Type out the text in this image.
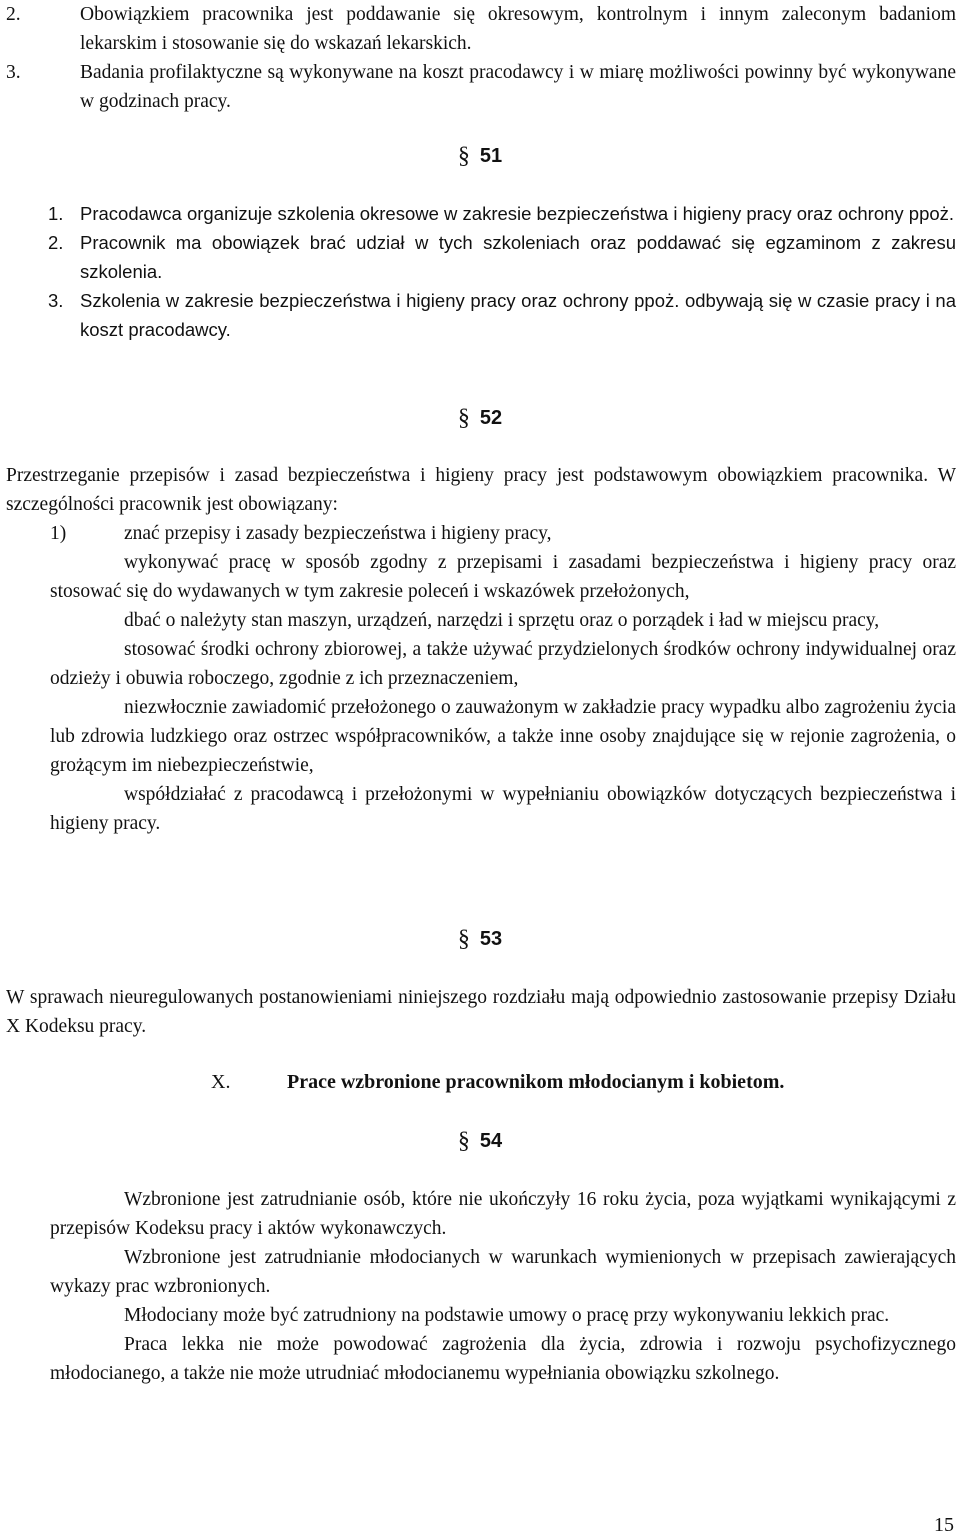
2.	Obowiązkiem pracownika jest poddawanie się okresowym, kontrolnym i innym zaleconym badaniom lekarskim i stosowanie się do wskazań lekarskich.
3.	Badania profilaktyczne są wykonywane na koszt pracodawcy i w miarę możliwości powinny być wykonywane w godzinach pracy.
§ 51
1. Pracodawca organizuje szkolenia okresowe w zakresie bezpieczeństwa i higieny pracy oraz ochrony ppoż.
2. Pracownik ma obowiązek brać udział w tych szkoleniach oraz poddawać się egzaminom z zakresu szkolenia.
3. Szkolenia w zakresie bezpieczeństwa i higieny pracy oraz ochrony ppoż. odbywają się w czasie pracy i na koszt pracodawcy.
§ 52
Przestrzeganie przepisów i zasad bezpieczeństwa i higieny pracy jest podstawowym obowiązkiem pracownika. W szczególności pracownik jest obowiązany:
1)	znać przepisy i zasady bezpieczeństwa i higieny pracy,
wykonywać pracę w sposób zgodny z przepisami i zasadami bezpieczeństwa i higieny pracy oraz stosować się do wydawanych w tym zakresie poleceń i wskazówek przełożonych,
dbać o należyty stan maszyn, urządzeń, narzędzi i sprzętu oraz o porządek i ład w miejscu pracy,
stosować środki ochrony zbiorowej, a także używać przydzielonych środków ochrony indywidualnej oraz odzieży i obuwia roboczego, zgodnie z ich przeznaczeniem,
niezwłocznie zawiadomić przełożonego o zauważonym w zakładzie pracy wypadku albo zagrożeniu życia lub zdrowia ludzkiego oraz ostrzec współpracowników, a także inne osoby znajdujące się w rejonie zagrożenia, o grożącym im niebezpieczeństwie,
współdziałać z pracodawcą i przełożonymi w wypełnianiu obowiązków dotyczących bezpieczeństwa i higieny pracy.
§ 53
W sprawach nieuregulowanych postanowieniami niniejszego rozdziału mają odpowiednio zastosowanie przepisy Działu X Kodeksu pracy.
X.	Prace wzbronione pracownikom młodocianym i kobietom.
§ 54
Wzbronione jest zatrudnianie osób, które nie ukończyły 16 roku życia, poza wyjątkami wynikającymi z przepisów Kodeksu pracy i aktów wykonawczych.
Wzbronione jest zatrudnianie młodocianych w warunkach wymienionych w przepisach zawierających wykazy prac wzbronionych.
Młodociany może być zatrudniony na podstawie umowy o pracę przy wykonywaniu lekkich prac.
Praca lekka nie może powodować zagrożenia dla życia, zdrowia i rozwoju psychofizycznego młodocianego, a także nie może utrudniać młodocianemu wypełniania obowiązku szkolnego.
15
